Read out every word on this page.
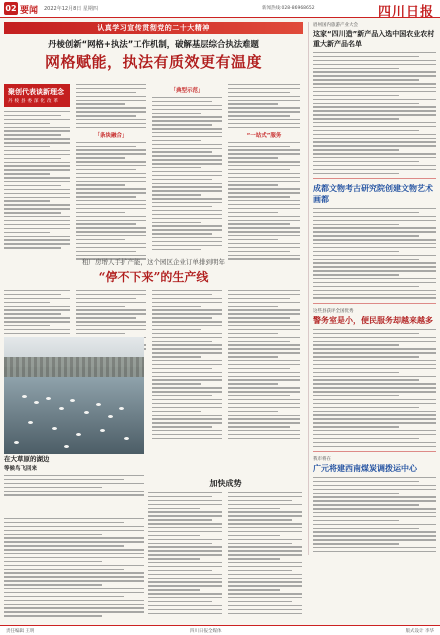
02 要闻 2022年12月8日 星期四	新闻热线:028-86968652	四川日报
认真学习宣传贯彻党的二十大精神
丹棱创新“网格+执法”工作机制，破解基层综合执法难题
网格赋能，执法有质效更有温度
聚创代表谈新理念
丹棱县委深化改革
「条块融合」
「典型示范」
“一站式”服务
租厂房增人手扩产能，这个园区企业订单排到明年
“停不下来”的生产线
在大草原的湖边
等候鸟飞回来
加快成势
眉州国内旅游产业大会
这家“四川造”新产品入选中国农业农村重大新产品名单
成都文物考古研究院创建文物艺术画都
这些县获评全国优秀
警务室是小，便民服务却越来越多
我市将在
广元将建西南煤炭调拨运中心
责任编辑 王明	四川日报全媒体	版式设计 李华
